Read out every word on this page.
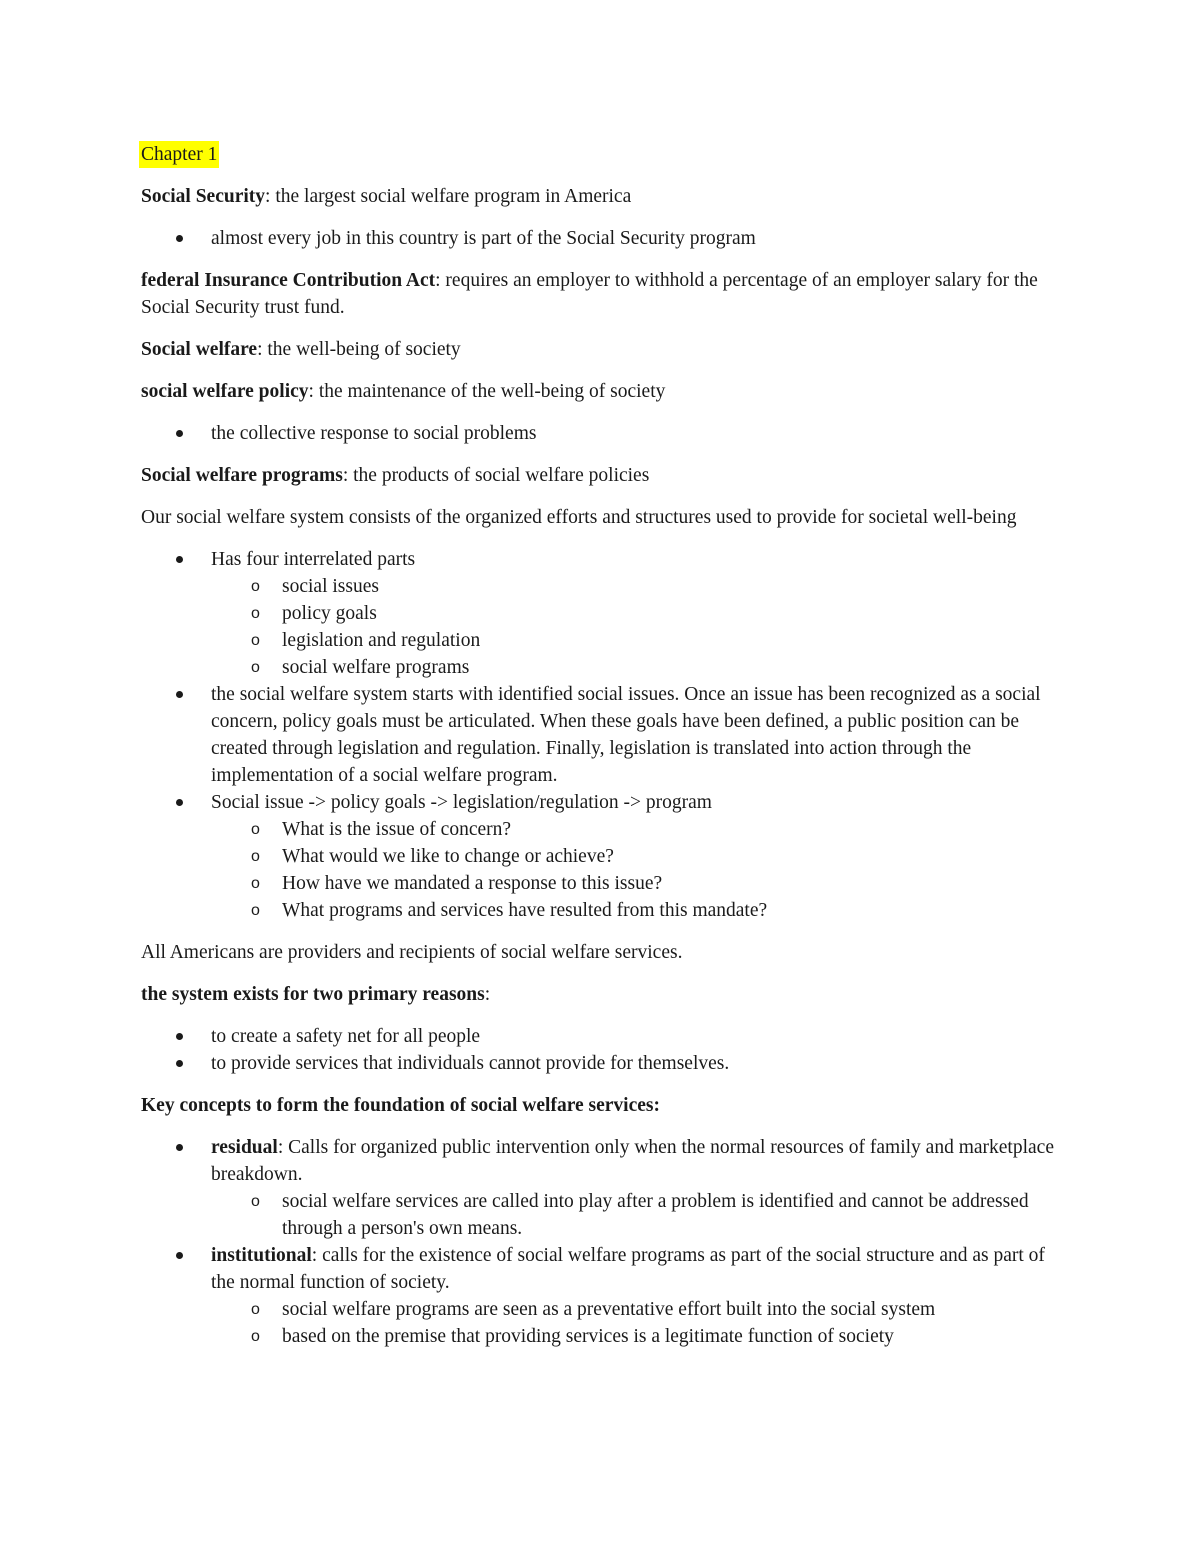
Chapter 1

Social Security: the largest social welfare program in America

almost every job in this country is part of the Social Security program

federal Insurance Contribution Act: requires an employer to withhold a percentage of an employer salary for the Social Security trust fund.

Social welfare: the well-being of society

social welfare policy: the maintenance of the well-being of society

the collective response to social problems

Social welfare programs: the products of social welfare policies

Our social welfare system consists of the organized efforts and structures used to provide for societal well-being

Has four interrelated parts
o social issues
o policy goals
o legislation and regulation
o social welfare programs
the social welfare system starts with identified social issues. Once an issue has been recognized as a social concern, policy goals must be articulated. When these goals have been defined, a public position can be created through legislation and regulation. Finally, legislation is translated into action through the implementation of a social welfare program.
Social issue -> policy goals -> legislation/regulation -> program
o What is the issue of concern?
o What would we like to change or achieve?
o How have we mandated a response to this issue?
o What programs and services have resulted from this mandate?

All Americans are providers and recipients of social welfare services.

the system exists for two primary reasons:

to create a safety net for all people
to provide services that individuals cannot provide for themselves.

Key concepts to form the foundation of social welfare services:

residual: Calls for organized public intervention only when the normal resources of family and marketplace breakdown.
o social welfare services are called into play after a problem is identified and cannot be addressed through a person's own means.
institutional: calls for the existence of social welfare programs as part of the social structure and as part of the normal function of society.
o social welfare programs are seen as a preventative effort built into the social system
o based on the premise that providing services is a legitimate function of society
